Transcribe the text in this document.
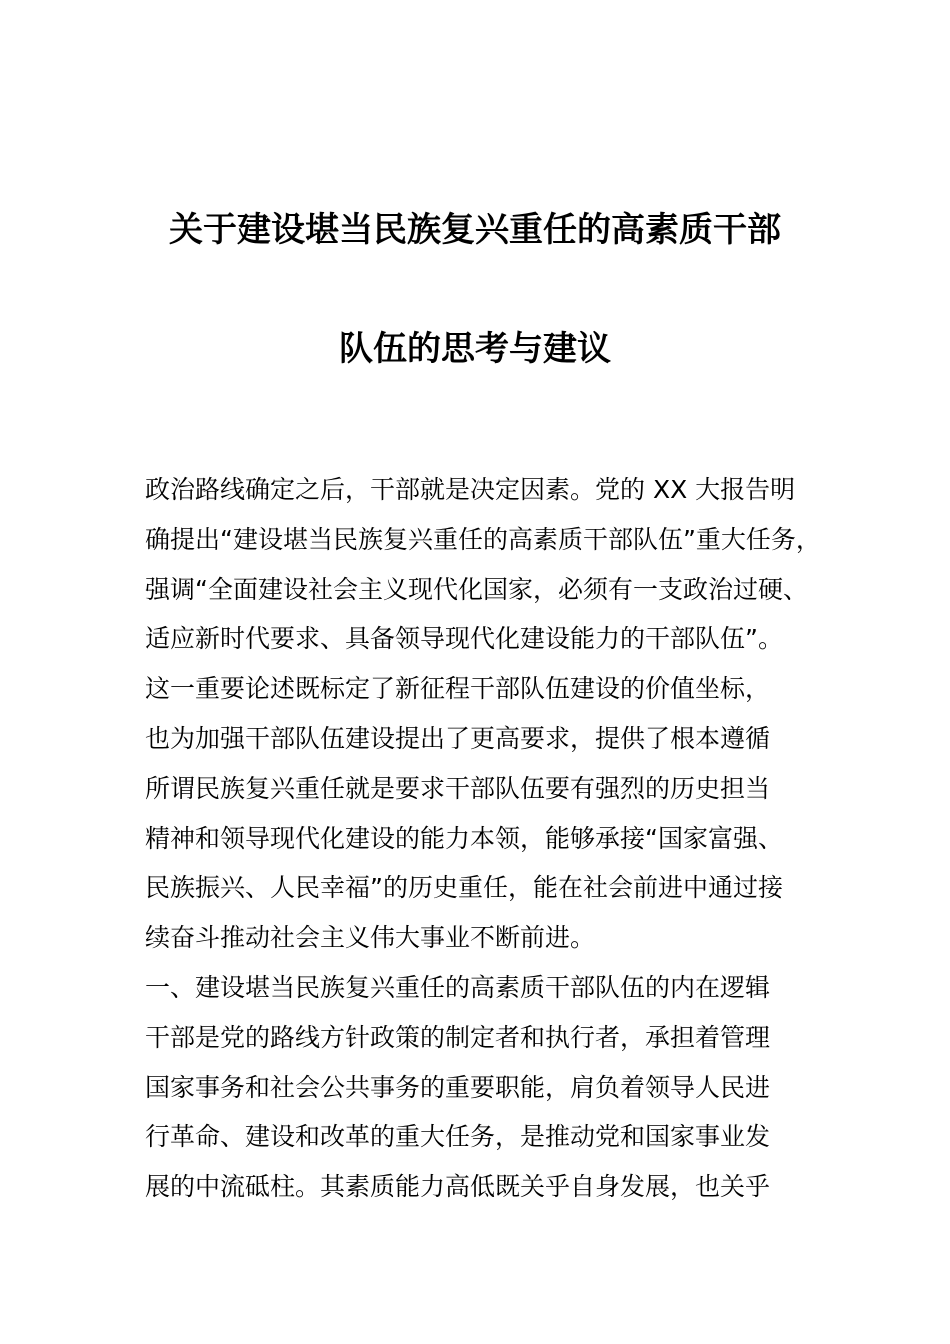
关于建设堪当民族复兴重任的高素质干部
队伍的思考与建议
政治路线确定之后，干部就是决定因素。党的 XX 大报告明
确提出“建设堪当民族复兴重任的高素质干部队伍”重大任务，
强调“全面建设社会主义现代化国家，必须有一支政治过硬、
适应新时代要求、具备领导现代化建设能力的干部队伍”。
这一重要论述既标定了新征程干部队伍建设的价值坐标，
也为加强干部队伍建设提出了更高要求，提供了根本遵循
所谓民族复兴重任就是要求干部队伍要有强烈的历史担当
精神和领导现代化建设的能力本领，能够承接“国家富强、
民族振兴、人民幸福”的历史重任，能在社会前进中通过接
续奋斗推动社会主义伟大事业不断前进。
一、建设堪当民族复兴重任的高素质干部队伍的内在逻辑
干部是党的路线方针政策的制定者和执行者，承担着管理
国家事务和社会公共事务的重要职能，肩负着领导人民进
行革命、建设和改革的重大任务，是推动党和国家事业发
展的中流砥柱。其素质能力高低既关乎自身发展，也关乎
